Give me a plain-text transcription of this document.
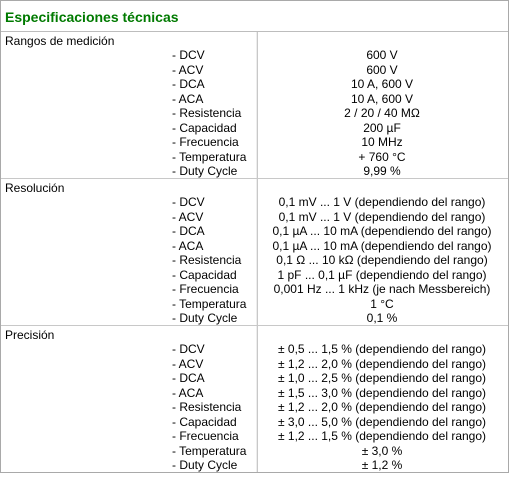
Especificaciones técnicas
Rangos de medición
- DCV	600 V
- ACV	600 V
- DCA	10 A, 600 V
- ACA	10 A, 600 V
- Resistencia	2 / 20 / 40 MΩ
- Capacidad	200 µF
- Frecuencia	10 MHz
- Temperatura	+ 760 °C
- Duty Cycle	9,99 %
Resolución
- DCV	0,1 mV ... 1 V (dependiendo del rango)
- ACV	0,1 mV ... 1 V (dependiendo del rango)
- DCA	0,1 µA ... 10 mA (dependiendo del rango)
- ACA	0,1 µA ... 10 mA (dependiendo del rango)
- Resistencia	0,1 Ω ... 10 kΩ (dependiendo del rango)
- Capacidad	1 pF ... 0,1 µF (dependiendo del rango)
- Frecuencia	0,001 Hz ... 1 kHz (je nach Messbereich)
- Temperatura	1 °C
- Duty Cycle	0,1 %
Precisión
- DCV	± 0,5 ... 1,5 % (dependiendo del rango)
- ACV	± 1,2 ... 2,0 % (dependiendo del rango)
- DCA	± 1,0 ... 2,5 % (dependiendo del rango)
- ACA	± 1,5 ... 3,0 % (dependiendo del rango)
- Resistencia	± 1,2 ... 2,0 % (dependiendo del rango)
- Capacidad	± 3,0 ... 5,0 % (dependiendo del rango)
- Frecuencia	± 1,2 ... 1,5 % (dependiendo del rango)
- Temperatura	± 3,0 %
- Duty Cycle	± 1,2 %
